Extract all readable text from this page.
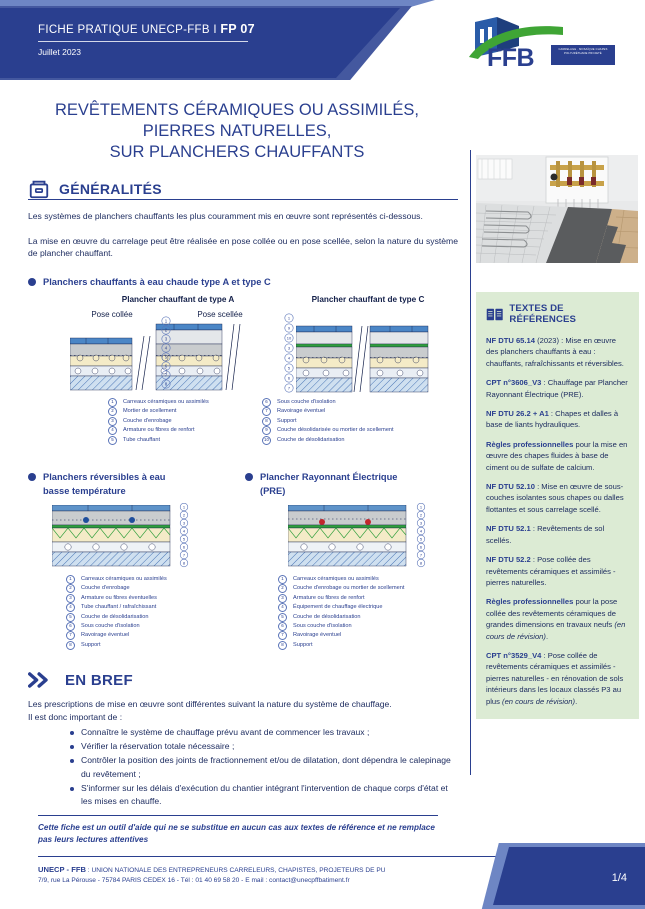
FICHE PRATIQUE UNECP-FFB I FP 07
Juillet 2023	FFB	CARRELAGE · MOSAÏQUE CHAPES POLYURÉTHANE PROJETÉ
REVÊTEMENTS CÉRAMIQUES OU ASSIMILÉS,
PIERRES NATURELLES,
SUR PLANCHERS CHAUFFANTS
GÉNÉRALITÉS
Les systèmes de planchers chauffants les plus couramment mis en œuvre sont représentés ci-dessous.
La mise en œuvre du carrelage peut être réalisée en pose collée ou en pose scellée, selon la nature du système de plancher chauffant.
Planchers chauffants à eau chaude type A et type C
Plancher chauffant de type A
Pose collée	Pose scellée
Plancher chauffant de type C
1
2
3
4
5
6
7
8
1
9
10
3
4
5
6
7
1 Carreaux céramiques ou assimilés
2 Mortier de scellement
3 Couche d'enrobage
4 Armature ou fibres de renfort
5 Tube chauffant
6 Sous couche d'isolation
7 Ravoirage éventuel
8 Support
9 Couche désolidarisée ou mortier de scellement
10 Couche de désolidarisation
Planchers réversibles à eau
basse température
1
2
3
4
5
6
7
8
1 Carreaux céramiques ou assimilés
2 Couche d'enrobage
3 Armature ou fibres éventuelles
4 Tube chauffant / rafraîchissant
5 Couche de désolidarisation
6 Sous couche d'isolation
7 Ravoirage éventuel
8 Support
Plancher Rayonnant Électrique
(PRE)
1
2
3
4
5
6
7
8
1 Carreaux céramiques ou assimilés
2 Couche d'enrobage ou mortier de scellement
3 Armature ou fibres de renfort
4 Équipement de chauffage électrique
5 Couche de désolidarisation
6 Sous couche d'isolation
7 Ravoirage éventuel
8 Support
EN BREF
Les prescriptions de mise en œuvre sont différentes suivant la nature du système de chauffage.
Il est donc important de :
Connaître le système de chauffage prévu avant de commencer les travaux ;
Vérifier la réservation totale nécessaire ;
Contrôler la position des joints de fractionnement et/ou de dilatation, dont dépendra le calepinage du revêtement ;
S'informer sur les délais d'exécution du chantier intégrant l'intervention de chaque corps d'état et les mises en chauffe.
TEXTES DE RÉFÉRENCES
NF DTU 65.14 (2023) : Mise en œuvre des planchers chauffants à eau : chauffants, rafraîchissants et réversibles.
CPT n°3606_V3 : Chauffage par Plancher Rayonnant Électrique (PRE).
NF DTU 26.2 + A1 : Chapes et dalles à base de liants hydrauliques.
Règles professionnelles pour la mise en œuvre des chapes fluides à base de ciment ou de sulfate de calcium.
NF DTU 52.10 : Mise en œuvre de sous-couches isolantes sous chapes ou dalles flottantes et sous carrelage scellé.
NF DTU 52.1 : Revêtements de sol scellés.
NF DTU 52.2 : Pose collée des revêtements céramiques et assimilés - pierres naturelles.
Règles professionnelles pour la pose collée des revêtements céramiques de grandes dimensions en travaux neufs (en cours de révision).
CPT n°3529_V4 : Pose collée de revêtements céramiques et assimilés - pierres naturelles - en rénovation de sols intérieurs dans les locaux classés P3 au plus (en cours de révision).
Cette fiche est un outil d'aide qui ne se substitue en aucun cas aux textes de référence et ne remplace pas leurs lectures attentives
UNECP - FFB : UNION NATIONALE DES ENTREPRENEURS CARRELEURS, CHAPISTES, PROJETEURS DE PU
7/9, rue La Pérouse - 75784 PARIS CEDEX 16 - Tél : 01 40 69 58 20 - E mail : contact@unecpffbatiment.fr	1/4
